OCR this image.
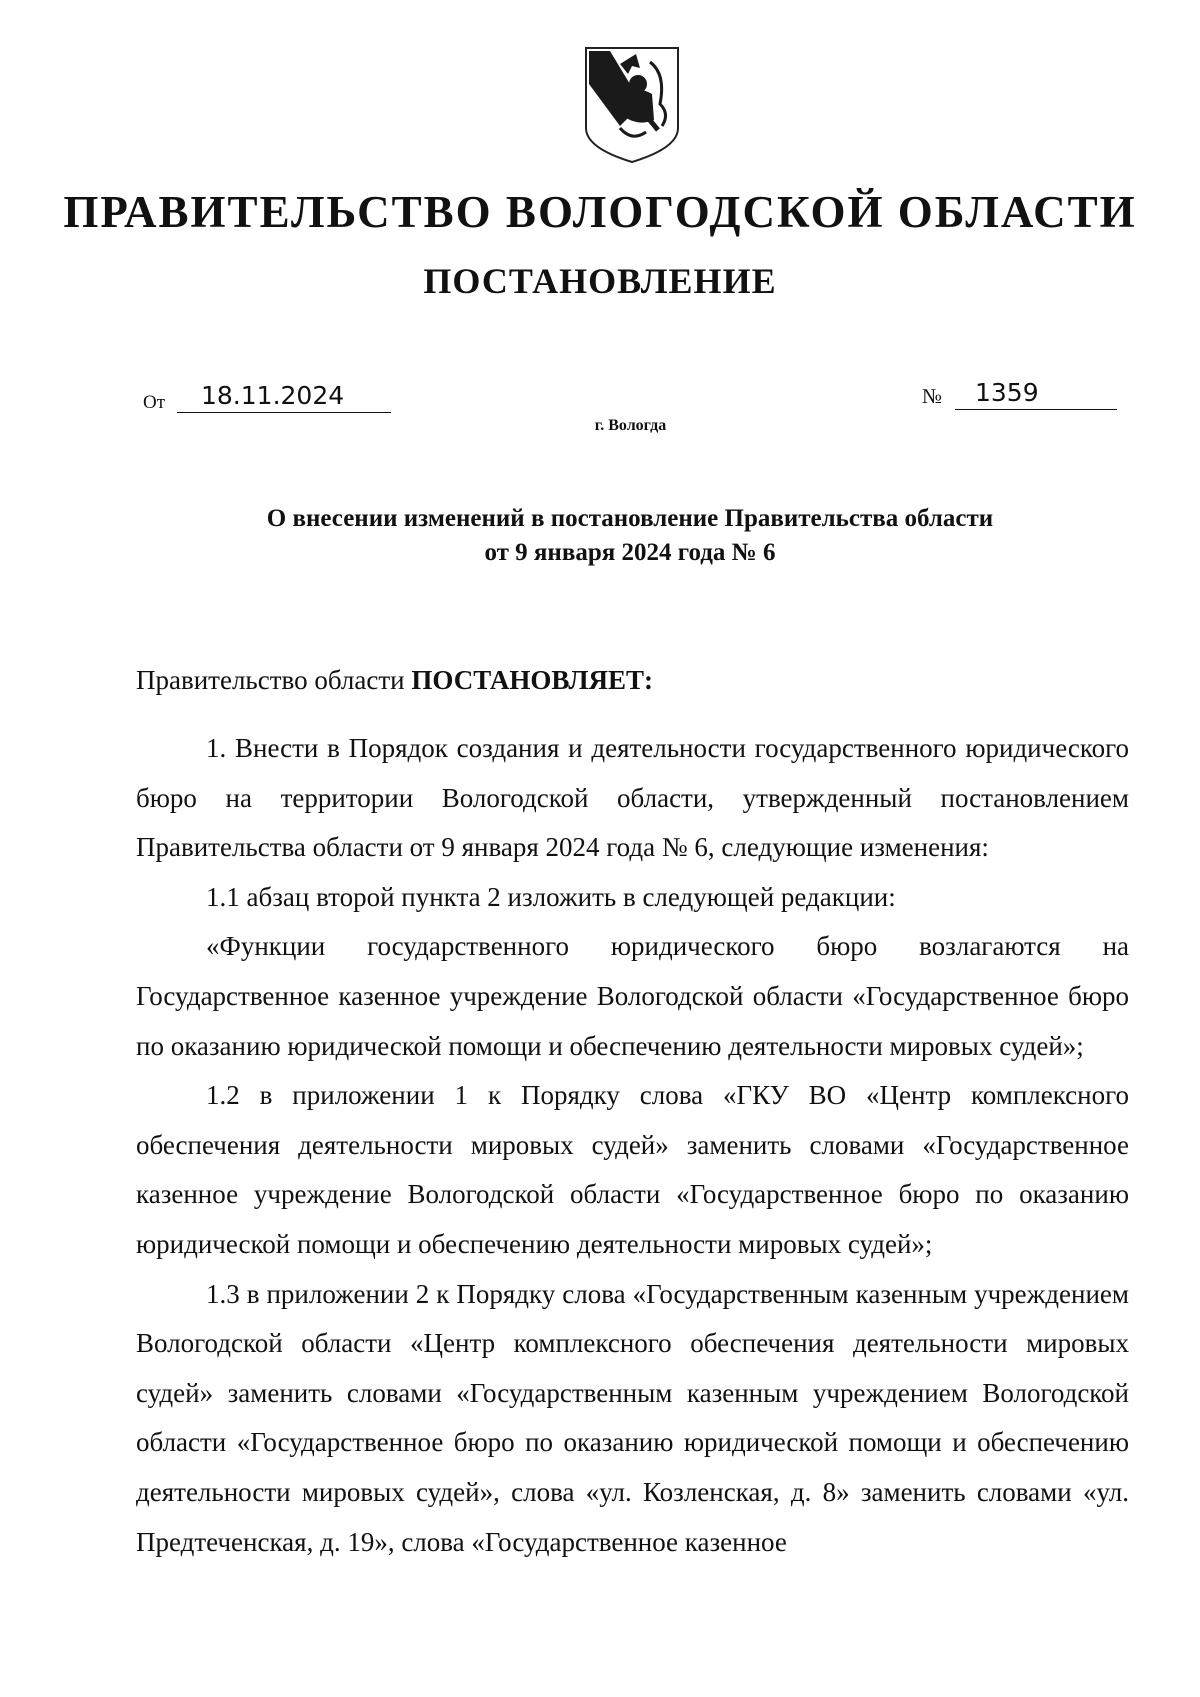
ПРАВИТЕЛЬСТВО ВОЛОГОДСКОЙ ОБЛАСТИ
ПОСТАНОВЛЕНИЕ
От	18.11.2024	№	1359
г. Вологда
О внесении изменений в постановление Правительства области
от 9 января 2024 года № 6
Правительство области ПОСТАНОВЛЯЕТ:

1. Внести в Порядок создания и деятельности государственного юридического бюро на территории Вологодской области, утвержденный постановлением Правительства области от 9 января 2024 года № 6, следующие изменения:

1.1 абзац второй пункта 2 изложить в следующей редакции:

«Функции государственного юридического бюро возлагаются на Государственное казенное учреждение Вологодской области «Государственное бюро по оказанию юридической помощи и обеспечению деятельности мировых судей»;

1.2 в приложении 1 к Порядку слова «ГКУ ВО «Центр комплексного обеспечения деятельности мировых судей» заменить словами «Государственное казенное учреждение Вологодской области «Государственное бюро по оказанию юридической помощи и обеспечению деятельности мировых судей»;

1.3 в приложении 2 к Порядку слова «Государственным казенным учреждением Вологодской области «Центр комплексного обеспечения деятельности мировых судей» заменить словами «Государственным казенным учреждением Вологодской области «Государственное бюро по оказанию юридической помощи и обеспечению деятельности мировых судей», слова «ул. Козленская, д. 8» заменить словами «ул. Предтеченская, д. 19», слова «Государственное казенное
